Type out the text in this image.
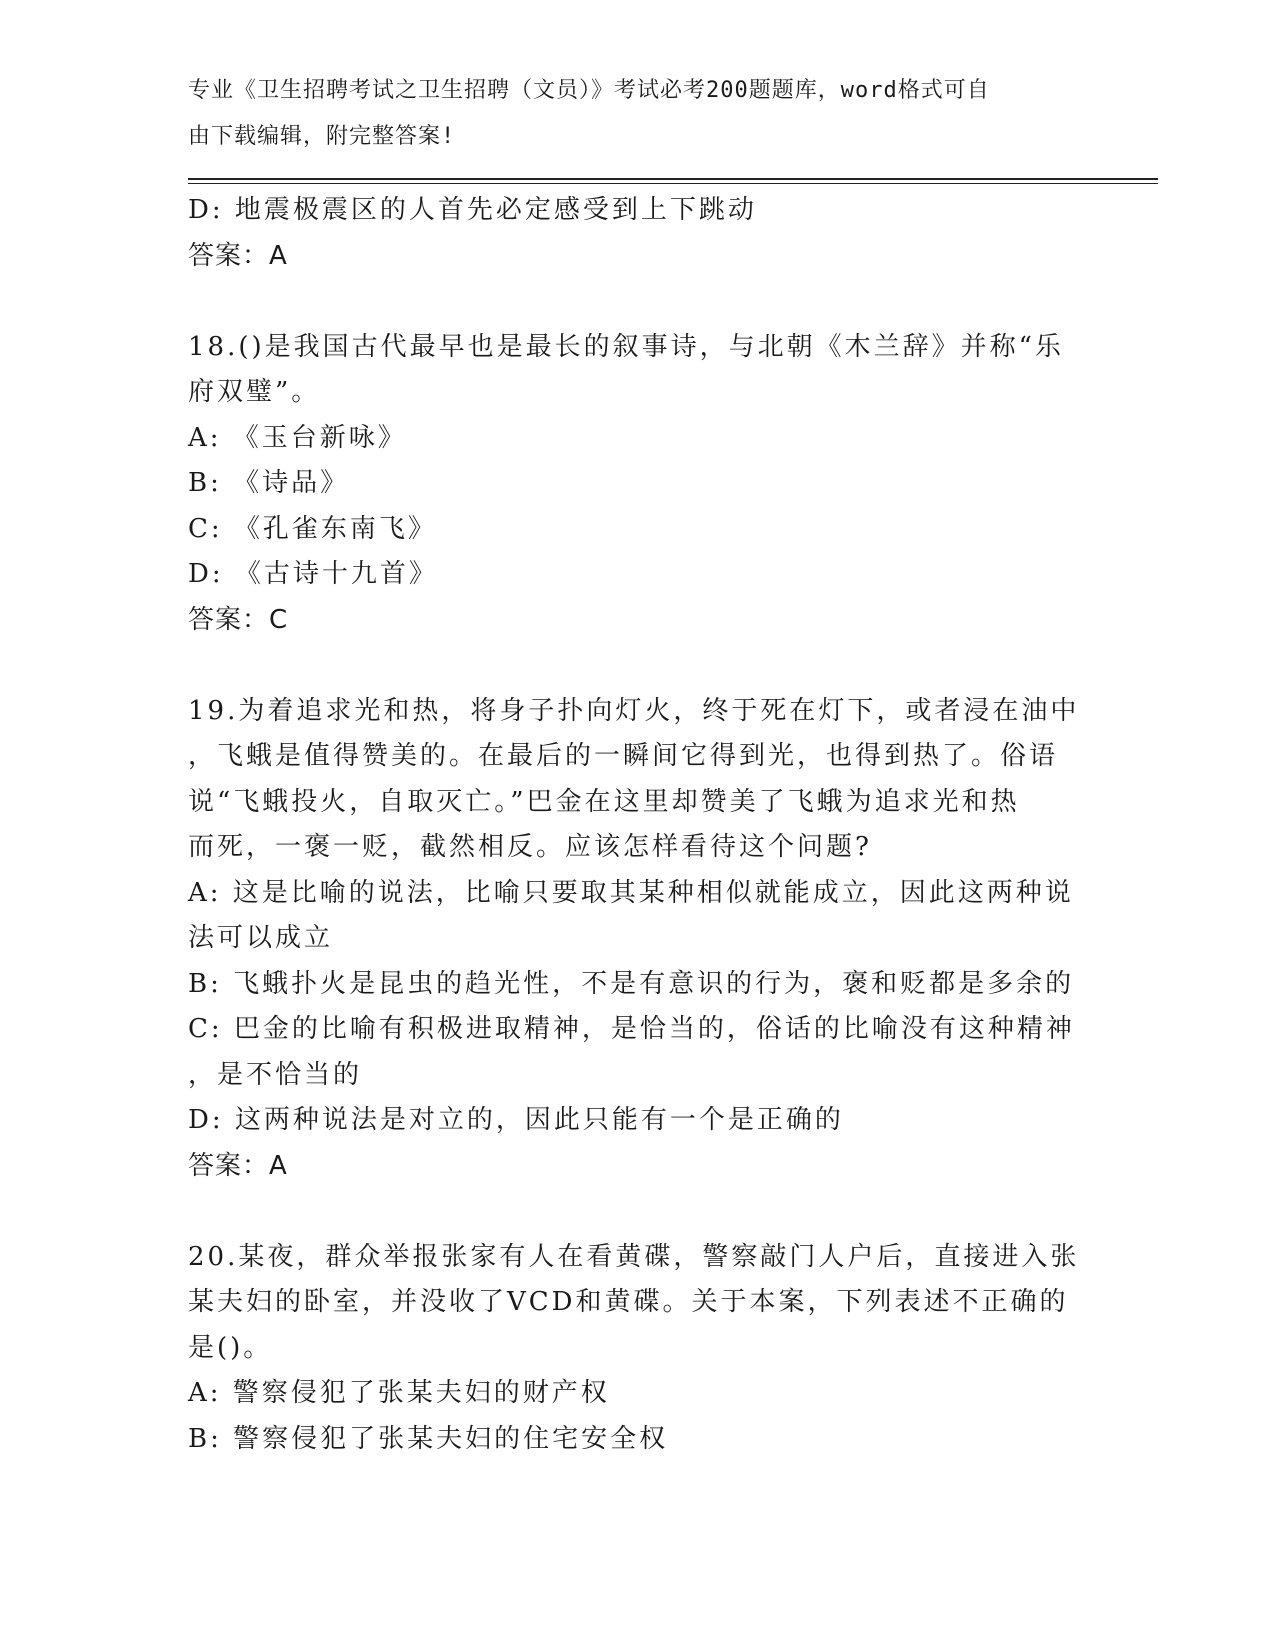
专业《卫生招聘考试之卫生招聘（文员）》考试必考200题题库，word格式可自
由下载编辑，附完整答案!
D: 地震极震区的人首先必定感受到上下跳动
答案：A
18.()是我国古代最早也是最长的叙事诗，与北朝《木兰辞》并称“乐
府双璧”。
A: 《玉台新咏》
B: 《诗品》
C: 《孔雀东南飞》
D: 《古诗十九首》
答案：C
19.为着追求光和热，将身子扑向灯火，终于死在灯下，或者浸在油中
，飞蛾是值得赞美的。在最后的一瞬间它得到光，也得到热了。俗语
说“飞蛾投火，自取灭亡。”巴金在这里却赞美了飞蛾为追求光和热
而死，一褒一贬，截然相反。应该怎样看待这个问题?
A: 这是比喻的说法，比喻只要取其某种相似就能成立，因此这两种说
法可以成立
B: 飞蛾扑火是昆虫的趋光性，不是有意识的行为，褒和贬都是多余的
C: 巴金的比喻有积极进取精神，是恰当的，俗话的比喻没有这种精神
，是不恰当的
D: 这两种说法是对立的，因此只能有一个是正确的
答案：A
20.某夜，群众举报张家有人在看黄碟，警察敲门人户后，直接进入张
某夫妇的卧室，并没收了VCD和黄碟。关于本案，下列表述不正确的
是()。
A: 警察侵犯了张某夫妇的财产权
B: 警察侵犯了张某夫妇的住宅安全权
